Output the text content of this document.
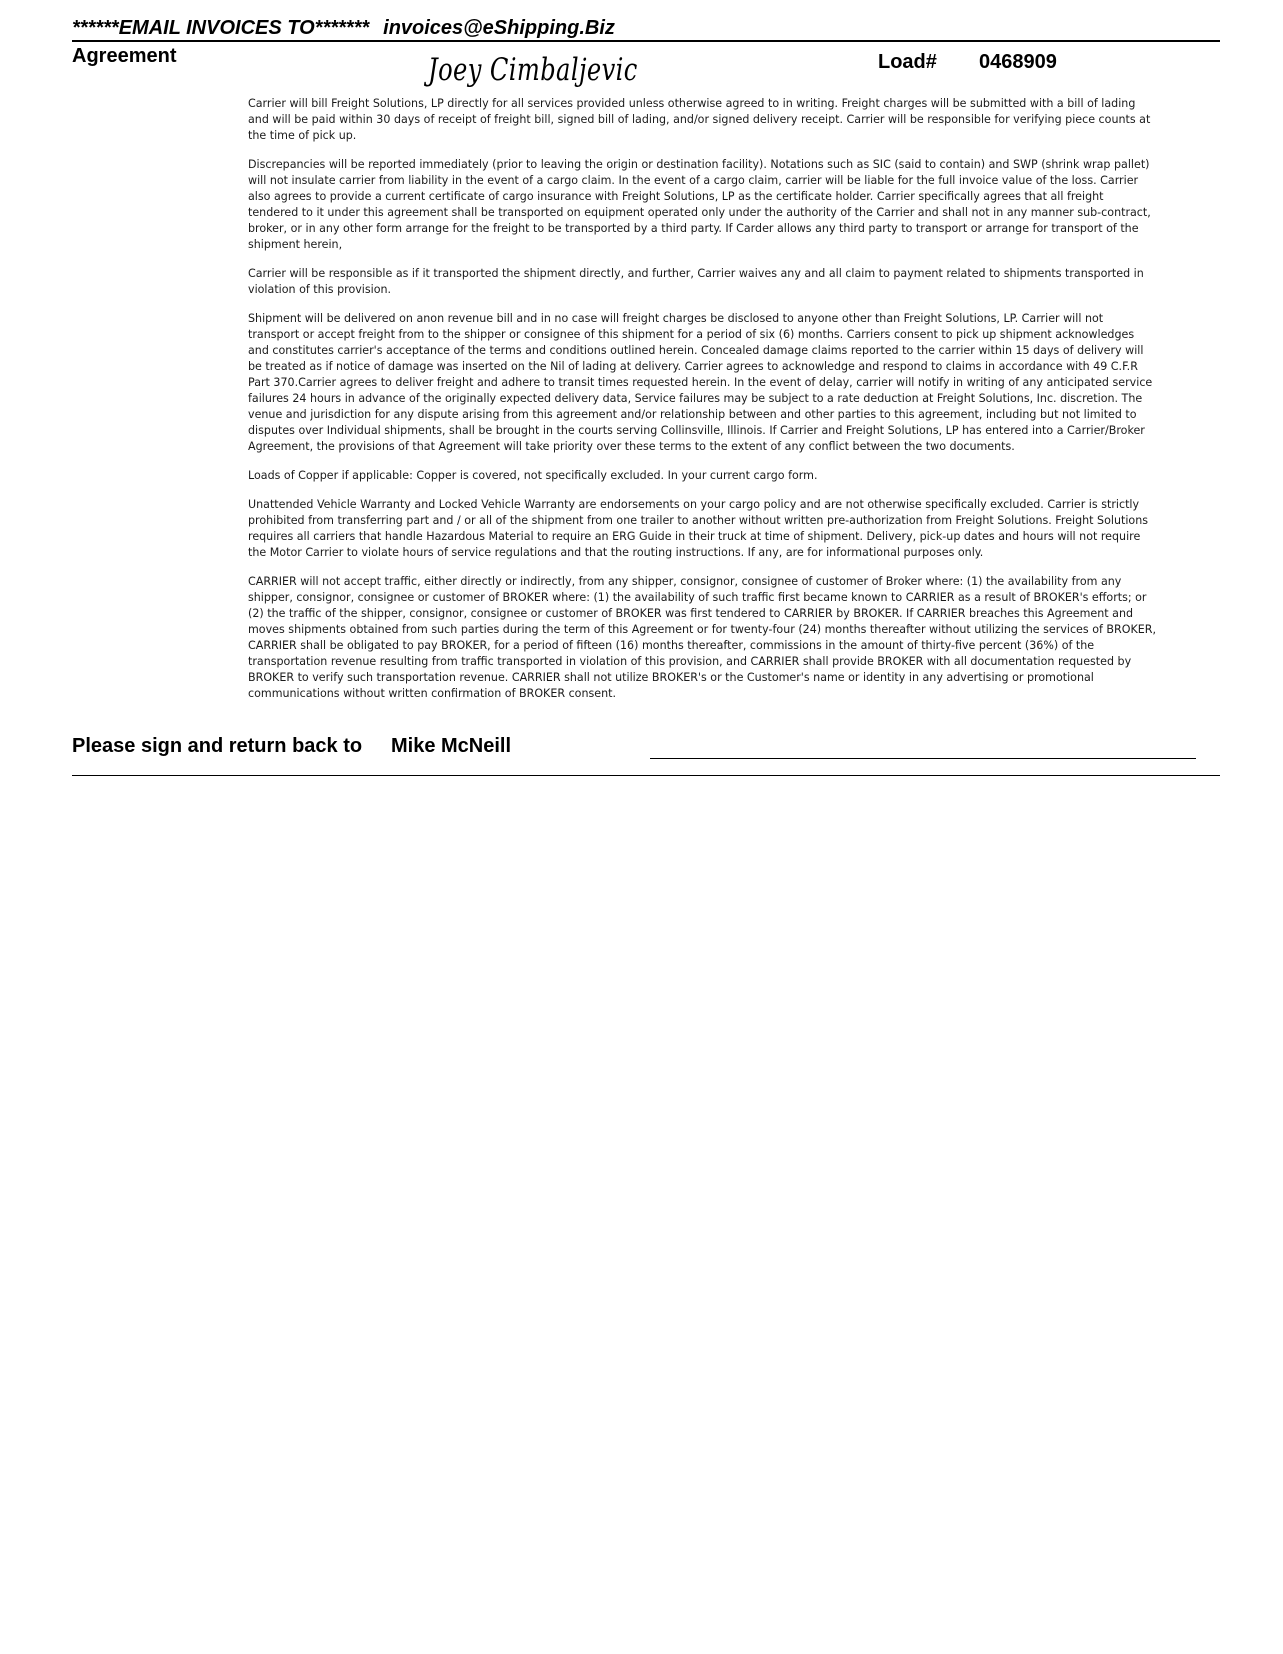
******EMAIL INVOICES TO******* invoices@eShipping.Biz
Agreement	Joey Cimbaljevic	Load# 0468909

Carrier will bill Freight Solutions, LP directly for all services provided unless otherwise agreed to in writing. Freight charges will be submitted with a bill of lading and will be paid within 30 days of receipt of freight bill, signed bill of lading, and/or signed delivery receipt. Carrier will be responsible for verifying piece counts at the time of pick up.

Discrepancies will be reported immediately (prior to leaving the origin or destination facility). Notations such as SIC (said to contain) and SWP (shrink wrap pallet) will not insulate carrier from liability in the event of a cargo claim. In the event of a cargo claim, carrier will be liable for the full invoice value of the loss. Carrier also agrees to provide a current certificate of cargo insurance with Freight Solutions, LP as the certificate holder. Carrier specifically agrees that all freight tendered to it under this agreement shall be transported on equipment operated only under the authority of the Carrier and shall not in any manner sub-contract, broker, or in any other form arrange for the freight to be transported by a third party. If Carder allows any third party to transport or arrange for transport of the shipment herein,

Carrier will be responsible as if it transported the shipment directly, and further, Carrier waives any and all claim to payment related to shipments transported in violation of this provision.

Shipment will be delivered on anon revenue bill and in no case will freight charges be disclosed to anyone other than Freight Solutions, LP. Carrier will not transport or accept freight from to the shipper or consignee of this shipment for a period of six (6) months. Carriers consent to pick up shipment acknowledges and constitutes carrier's acceptance of the terms and conditions outlined herein. Concealed damage claims reported to the carrier within 15 days of delivery will be treated as if notice of damage was inserted on the Nil of lading at delivery. Carrier agrees to acknowledge and respond to claims in accordance with 49 C.F.R Part 370.Carrier agrees to deliver freight and adhere to transit times requested herein. In the event of delay, carrier will notify in writing of any anticipated service failures 24 hours in advance of the originally expected delivery data, Service failures may be subject to a rate deduction at Freight Solutions, Inc. discretion. The venue and jurisdiction for any dispute arising from this agreement and/or relationship between and other parties to this agreement, including but not limited to disputes over Individual shipments, shall be brought in the courts serving Collinsville, Illinois. If Carrier and Freight Solutions, LP has entered into a Carrier/Broker Agreement, the provisions of that Agreement will take priority over these terms to the extent of any conflict between the two documents.

Loads of Copper if applicable: Copper is covered, not specifically excluded. In your current cargo form.

Unattended Vehicle Warranty and Locked Vehicle Warranty are endorsements on your cargo policy and are not otherwise specifically excluded. Carrier is strictly prohibited from transferring part and / or all of the shipment from one trailer to another without written pre-authorization from Freight Solutions. Freight Solutions requires all carriers that handle Hazardous Material to require an ERG Guide in their truck at time of shipment. Delivery, pick-up dates and hours will not require the Motor Carrier to violate hours of service regulations and that the routing instructions. If any, are for informational purposes only.

CARRIER will not accept traffic, either directly or indirectly, from any shipper, consignor, consignee of customer of Broker where: (1) the availability from any shipper, consignor, consignee or customer of BROKER where: (1) the availability of such traffic first became known to CARRIER as a result of BROKER's efforts; or (2) the traffic of the shipper, consignor, consignee or customer of BROKER was first tendered to CARRIER by BROKER. If CARRIER breaches this Agreement and moves shipments obtained from such parties during the term of this Agreement or for twenty-four (24) months thereafter without utilizing the services of BROKER, CARRIER shall be obligated to pay BROKER, for a period of fifteen (16) months thereafter, commissions in the amount of thirty-five percent (36%) of the transportation revenue resulting from traffic transported in violation of this provision, and CARRIER shall provide BROKER with all documentation requested by BROKER to verify such transportation revenue. CARRIER shall not utilize BROKER's or the Customer's name or identity in any advertising or promotional communications without written confirmation of BROKER consent.

Please sign and return back to Mike McNeill
